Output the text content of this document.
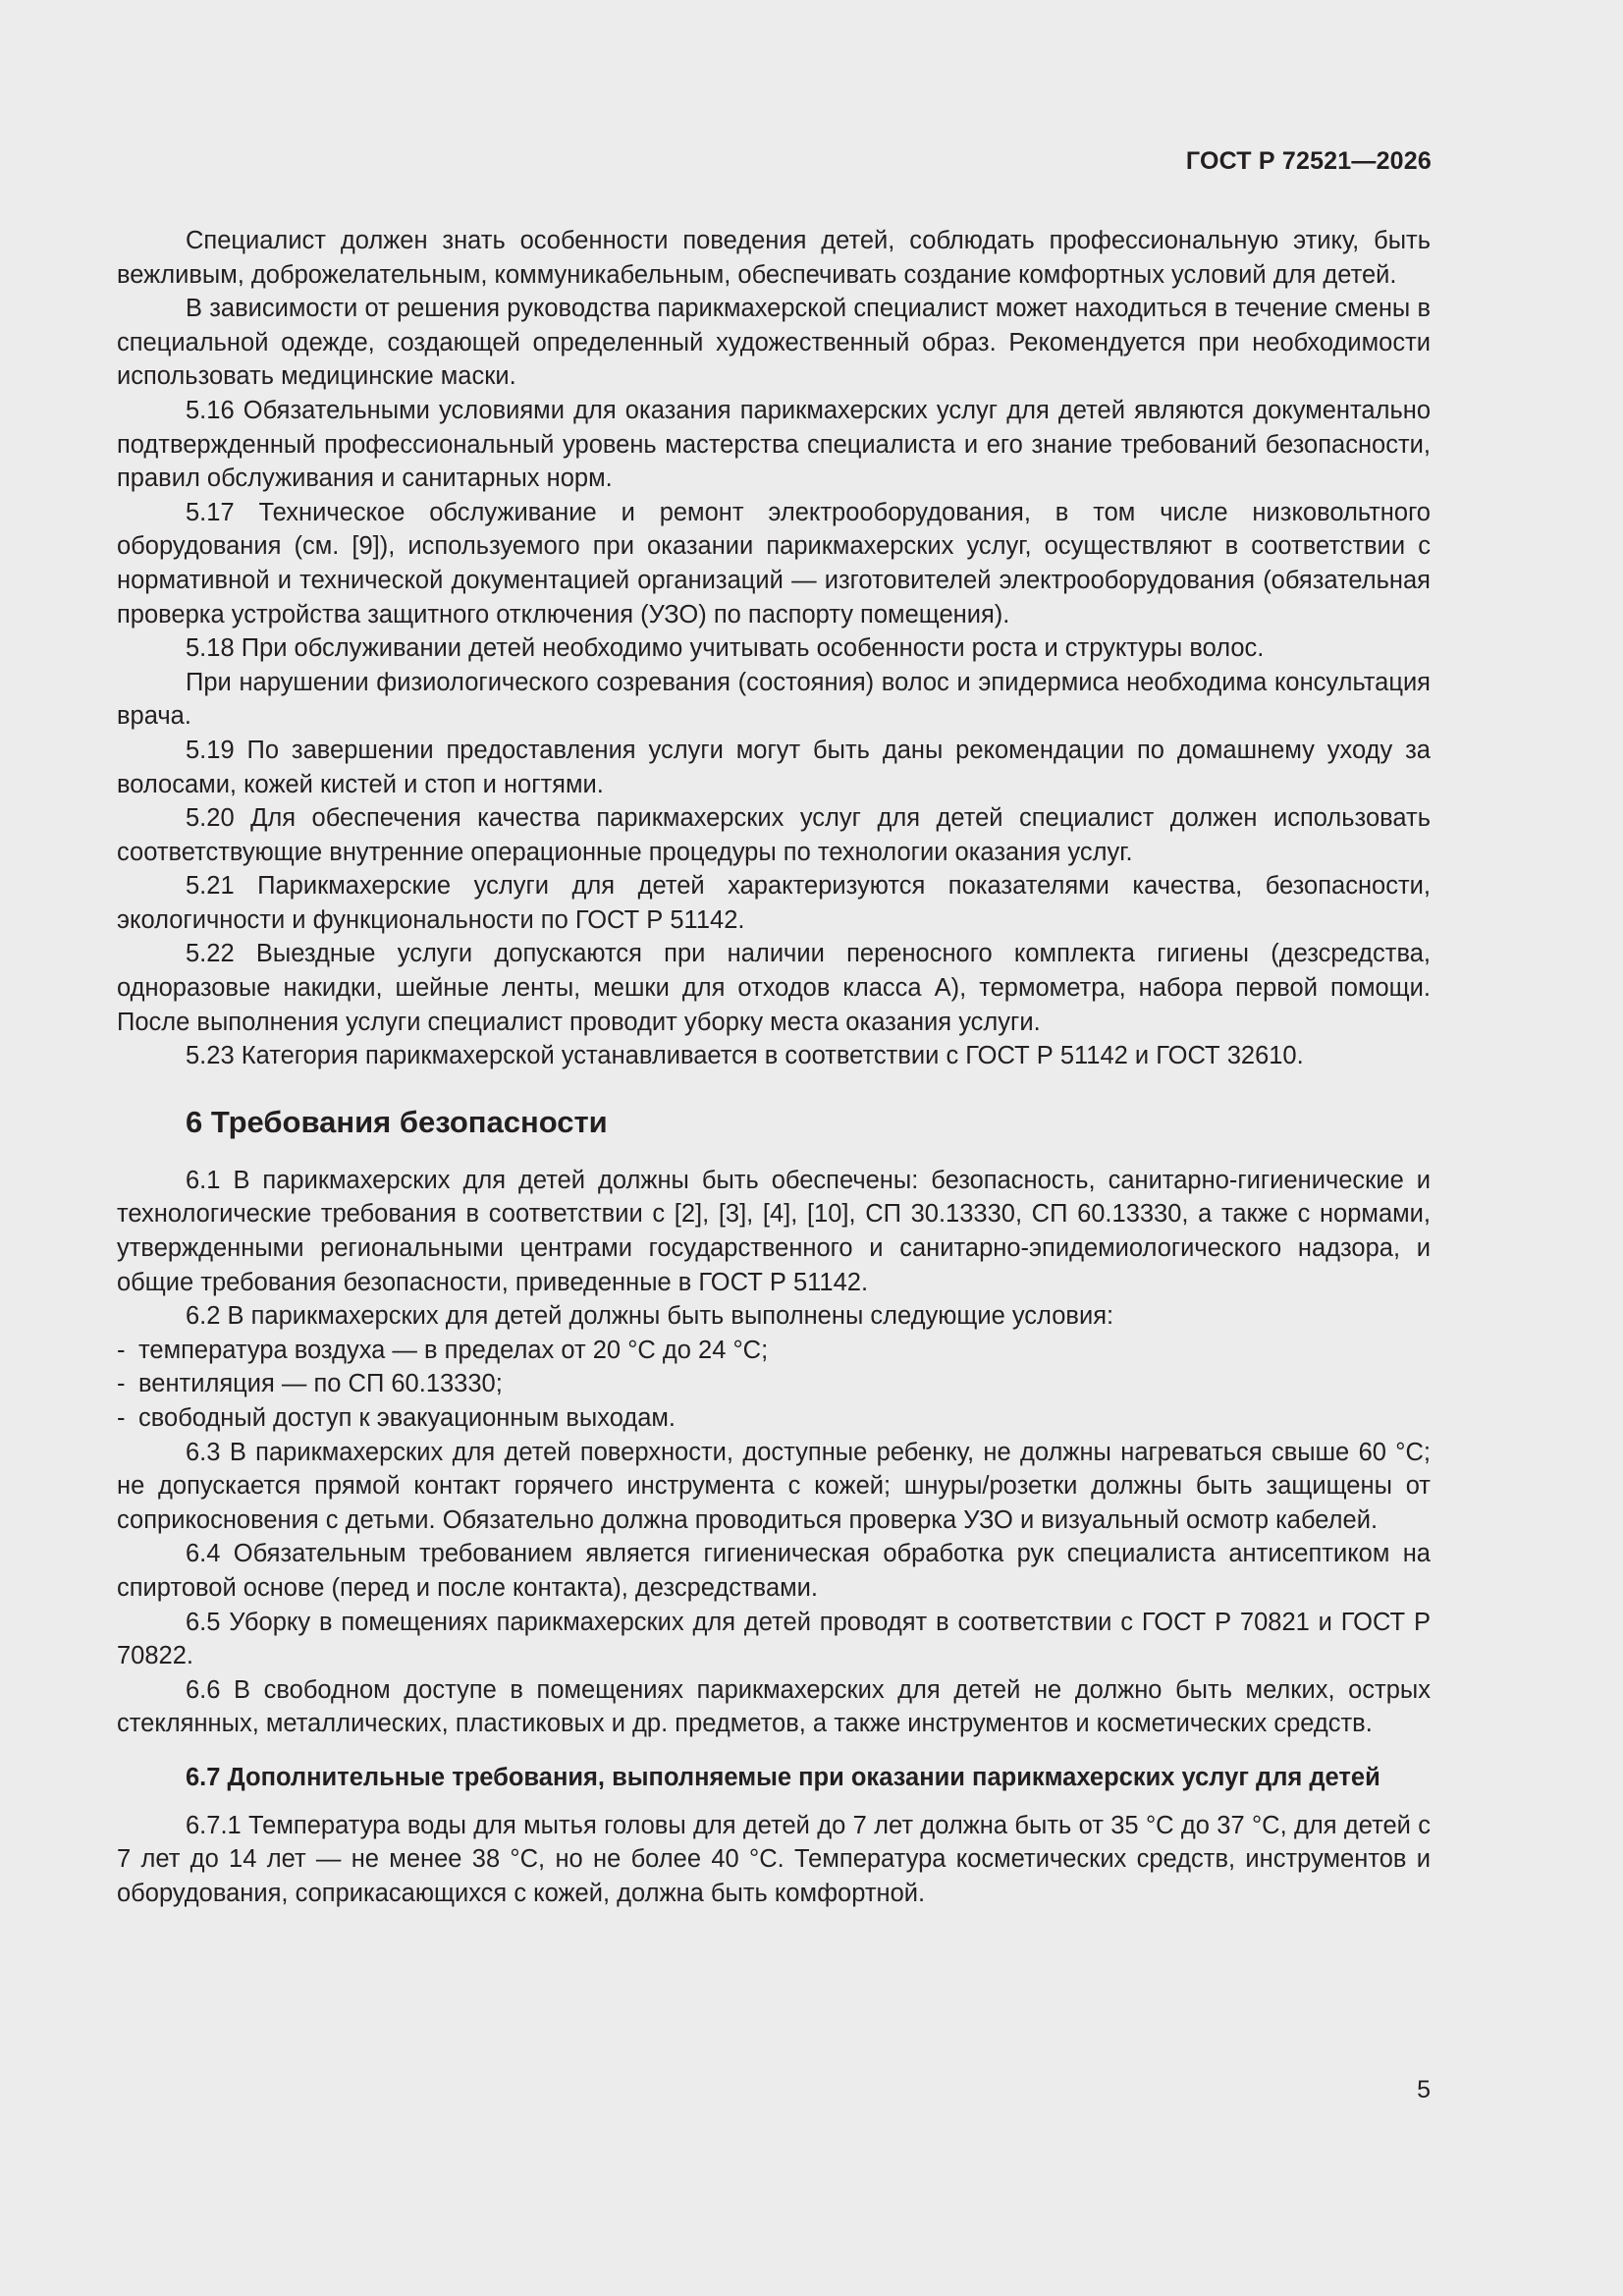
ГОСТ Р 72521—2026

Специалист должен знать особенности поведения детей, соблюдать профессиональную этику, быть вежливым, доброжелательным, коммуникабельным, обеспечивать создание комфортных условий для детей.

В зависимости от решения руководства парикмахерской специалист может находиться в течение смены в специальной одежде, создающей определенный художественный образ. Рекомендуется при необходимости использовать медицинские маски.

5.16 Обязательными условиями для оказания парикмахерских услуг для детей являются документально подтвержденный профессиональный уровень мастерства специалиста и его знание требований безопасности, правил обслуживания и санитарных норм.

5.17 Техническое обслуживание и ремонт электрооборудования, в том числе низковольтного оборудования (см. [9]), используемого при оказании парикмахерских услуг, осуществляют в соответствии с нормативной и технической документацией организаций — изготовителей электрооборудования (обязательная проверка устройства защитного отключения (УЗО) по паспорту помещения).

5.18 При обслуживании детей необходимо учитывать особенности роста и структуры волос.

При нарушении физиологического созревания (состояния) волос и эпидермиса необходима консультация врача.

5.19 По завершении предоставления услуги могут быть даны рекомендации по домашнему уходу за волосами, кожей кистей и стоп и ногтями.

5.20 Для обеспечения качества парикмахерских услуг для детей специалист должен использовать соответствующие внутренние операционные процедуры по технологии оказания услуг.

5.21 Парикмахерские услуги для детей характеризуются показателями качества, безопасности, экологичности и функциональности по ГОСТ Р 51142.

5.22 Выездные услуги допускаются при наличии переносного комплекта гигиены (дезсредства, одноразовые накидки, шейные ленты, мешки для отходов класса А), термометра, набора первой помощи. После выполнения услуги специалист проводит уборку места оказания услуги.

5.23 Категория парикмахерской устанавливается в соответствии с ГОСТ Р 51142 и ГОСТ 32610.

6 Требования безопасности

6.1 В парикмахерских для детей должны быть обеспечены: безопасность, санитарно-гигиенические и технологические требования в соответствии с [2], [3], [4], [10], СП 30.13330, СП 60.13330, а также с нормами, утвержденными региональными центрами государственного и санитарно-эпидемиологического надзора, и общие требования безопасности, приведенные в ГОСТ Р 51142.

6.2 В парикмахерских для детей должны быть выполнены следующие условия:

- температура воздуха — в пределах от 20 °С до 24 °С;

- вентиляция — по СП 60.13330;

- свободный доступ к эвакуационным выходам.

6.3 В парикмахерских для детей поверхности, доступные ребенку, не должны нагреваться свыше 60 °С; не допускается прямой контакт горячего инструмента с кожей; шнуры/розетки должны быть защищены от соприкосновения с детьми. Обязательно должна проводиться проверка УЗО и визуальный осмотр кабелей.

6.4 Обязательным требованием является гигиеническая обработка рук специалиста антисептиком на спиртовой основе (перед и после контакта), дезсредствами.

6.5 Уборку в помещениях парикмахерских для детей проводят в соответствии с ГОСТ Р 70821 и ГОСТ Р 70822.

6.6 В свободном доступе в помещениях парикмахерских для детей не должно быть мелких, острых стеклянных, металлических, пластиковых и др. предметов, а также инструментов и косметических средств.

6.7 Дополнительные требования, выполняемые при оказании парикмахерских услуг для детей

6.7.1 Температура воды для мытья головы для детей до 7 лет должна быть от 35 °С до 37 °С, для детей с 7 лет до 14 лет — не менее 38 °С, но не более 40 °С. Температура косметических средств, инструментов и оборудования, соприкасающихся с кожей, должна быть комфортной.

5
